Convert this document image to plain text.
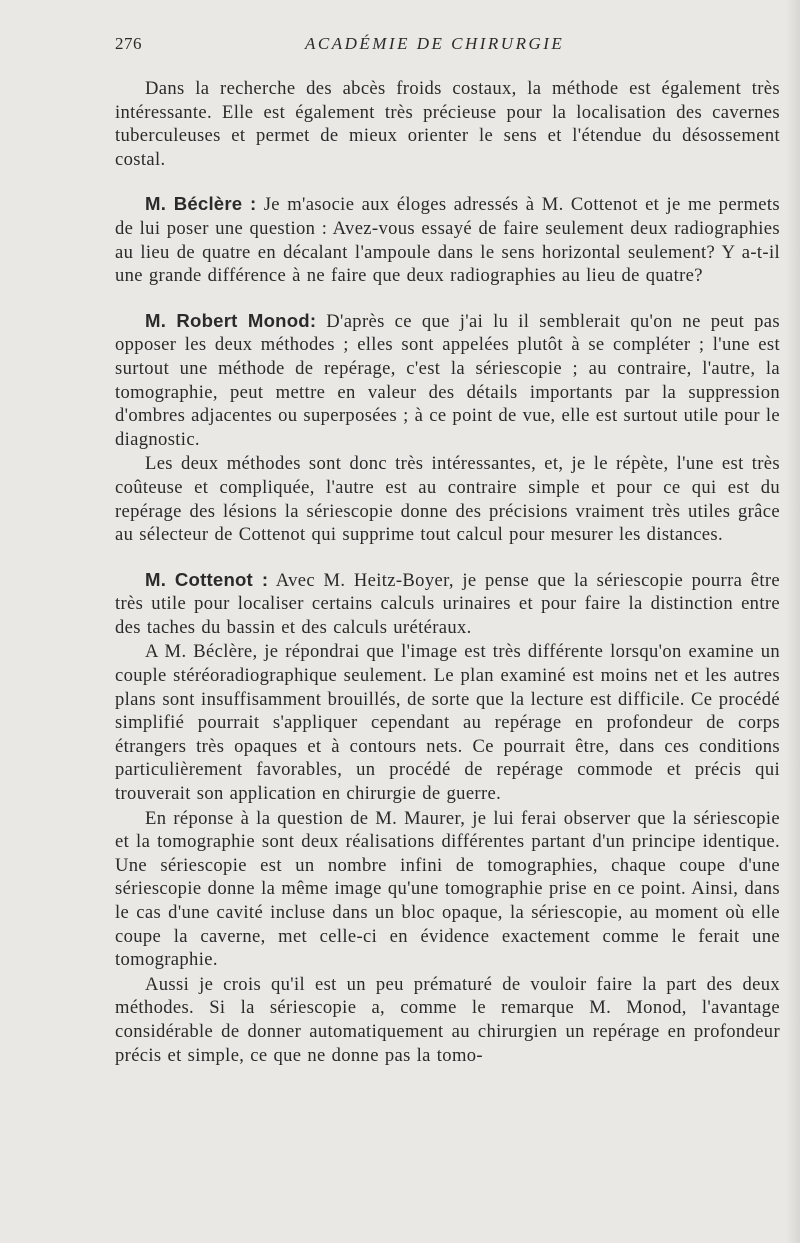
276	ACADÉMIE DE CHIRURGIE

Dans la recherche des abcès froids costaux, la méthode est également très intéressante. Elle est également très précieuse pour la localisation des cavernes tuberculeuses et permet de mieux orienter le sens et l'étendue du désossement costal.

M. Béclère : Je m'asocie aux éloges adressés à M. Cottenot et je me permets de lui poser une question : Avez-vous essayé de faire seulement deux radiographies au lieu de quatre en décalant l'ampoule dans le sens horizontal seulement? Y a-t-il une grande différence à ne faire que deux radiographies au lieu de quatre?

M. Robert Monod: D'après ce que j'ai lu il semblerait qu'on ne peut pas opposer les deux méthodes ; elles sont appelées plutôt à se compléter ; l'une est surtout une méthode de repérage, c'est la sériescopie ; au contraire, l'autre, la tomographie, peut mettre en valeur des détails importants par la suppression d'ombres adjacentes ou superposées ; à ce point de vue, elle est surtout utile pour le diagnostic.

Les deux méthodes sont donc très intéressantes, et, je le répète, l'une est très coûteuse et compliquée, l'autre est au contraire simple et pour ce qui est du repérage des lésions la sériescopie donne des précisions vraiment très utiles grâce au sélecteur de Cottenot qui supprime tout calcul pour mesurer les distances.

M. Cottenot : Avec M. Heitz-Boyer, je pense que la sériescopie pourra être très utile pour localiser certains calculs urinaires et pour faire la distinction entre des taches du bassin et des calculs urétéraux.

A M. Béclère, je répondrai que l'image est très différente lorsqu'on examine un couple stéréoradiographique seulement. Le plan examiné est moins net et les autres plans sont insuffisamment brouillés, de sorte que la lecture est difficile. Ce procédé simplifié pourrait s'appliquer cependant au repérage en profondeur de corps étrangers très opaques et à contours nets. Ce pourrait être, dans ces conditions particulièrement favorables, un procédé de repérage commode et précis qui trouverait son application en chirurgie de guerre.

En réponse à la question de M. Maurer, je lui ferai observer que la sériescopie et la tomographie sont deux réalisations différentes partant d'un principe identique. Une sériescopie est un nombre infini de tomographies, chaque coupe d'une sériescopie donne la même image qu'une tomographie prise en ce point. Ainsi, dans le cas d'une cavité incluse dans un bloc opaque, la sériescopie, au moment où elle coupe la caverne, met celle-ci en évidence exactement comme le ferait une tomographie.

Aussi je crois qu'il est un peu prématuré de vouloir faire la part des deux méthodes. Si la sériescopie a, comme le remarque M. Monod, l'avantage considérable de donner automatiquement au chirurgien un repérage en profondeur précis et simple, ce que ne donne pas la tomo-
